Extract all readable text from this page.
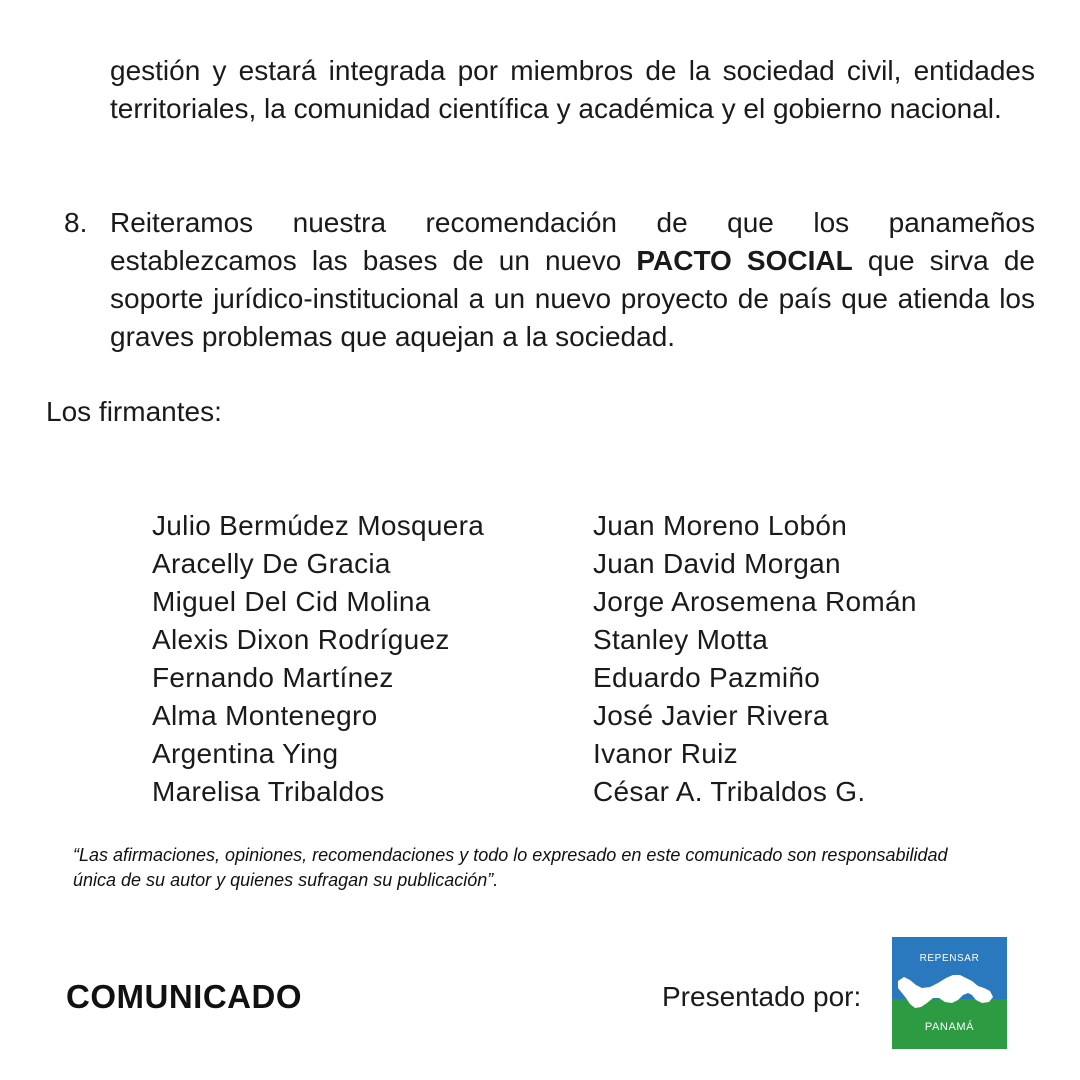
gestión y estará integrada por miembros de la sociedad civil, entidades territoriales, la comunidad científica y académica y el gobierno nacional.

8. Reiteramos nuestra recomendación de que los panameños establezcamos las bases de un nuevo PACTO SOCIAL que sirva de soporte jurídico-institucional a un nuevo proyecto de país que atienda los graves problemas que aquejan a la sociedad.

Los firmantes:

Julio Bermúdez Mosquera
Aracelly De Gracia
Miguel Del Cid Molina
Alexis Dixon Rodríguez
Fernando Martínez
Alma Montenegro
Argentina Ying
Marelisa Tribaldos
Juan Moreno Lobón
Juan David Morgan
Jorge Arosemena Román
Stanley Motta
Eduardo Pazmiño
José Javier Rivera
Ivanor Ruiz
César A. Tribaldos G.

“Las afirmaciones, opiniones, recomendaciones y todo lo expresado en este comunicado son responsabilidad única de su autor y quienes sufragan su publicación”.

COMUNICADO	Presentado por:

REPENSAR
PANAMÁ
